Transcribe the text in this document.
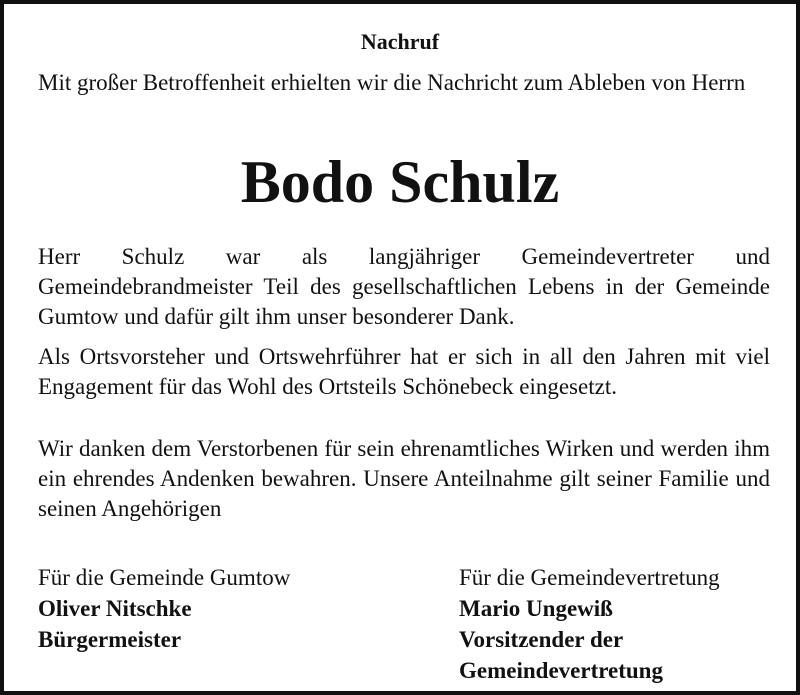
Nachruf

Mit großer Betroffenheit erhielten wir die Nachricht zum Ableben von Herrn

Bodo Schulz

Herr Schulz war als langjähriger Gemeindevertreter und Gemeindebrandmeister Teil des gesellschaftlichen Lebens in der Gemeinde Gumtow und dafür gilt ihm unser besonderer Dank.

Als Ortsvorsteher und Ortswehrführer hat er sich in all den Jahren mit viel Engagement für das Wohl des Ortsteils Schönebeck eingesetzt.

Wir danken dem Verstorbenen für sein ehrenamtliches Wirken und werden ihm ein ehrendes Andenken bewahren. Unsere Anteilnahme gilt seiner Familie und seinen Angehörigen

Für die Gemeinde Gumtow
Oliver Nitschke
Bürgermeister
Für die Gemeindevertretung
Mario Ungewiß
Vorsitzender der
Gemeindevertretung
